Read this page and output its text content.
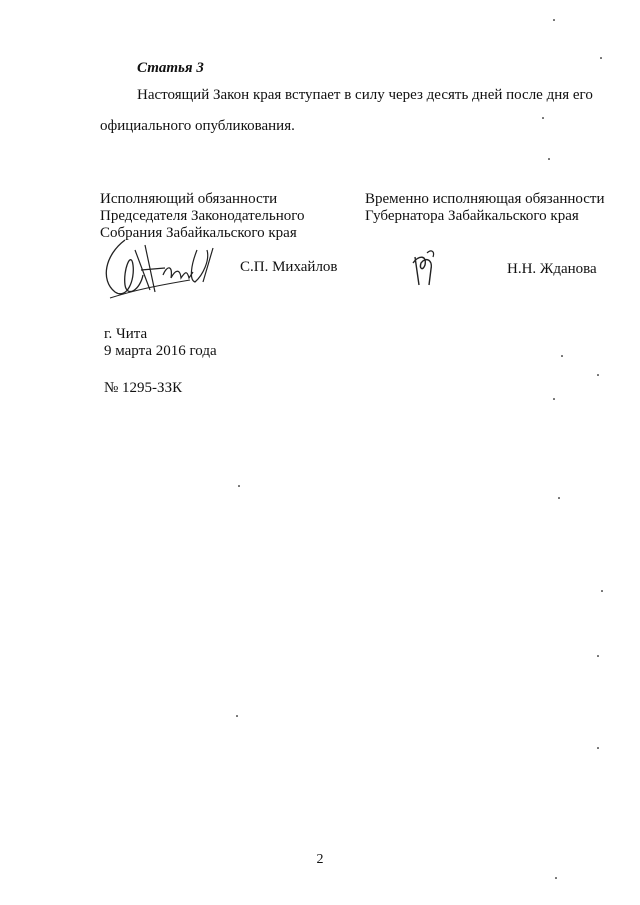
Статья 3
Настоящий Закон края вступает в силу через десять дней после дня его
официального опубликования.
Исполняющий обязанности
Председателя Законодательного
Собрания Забайкальского края
С.П. Михайлов
Временно исполняющая обязанности
Губернатора Забайкальского края
Н.Н. Жданова
г. Чита
9 марта 2016 года
№ 1295-ЗЗК
2
